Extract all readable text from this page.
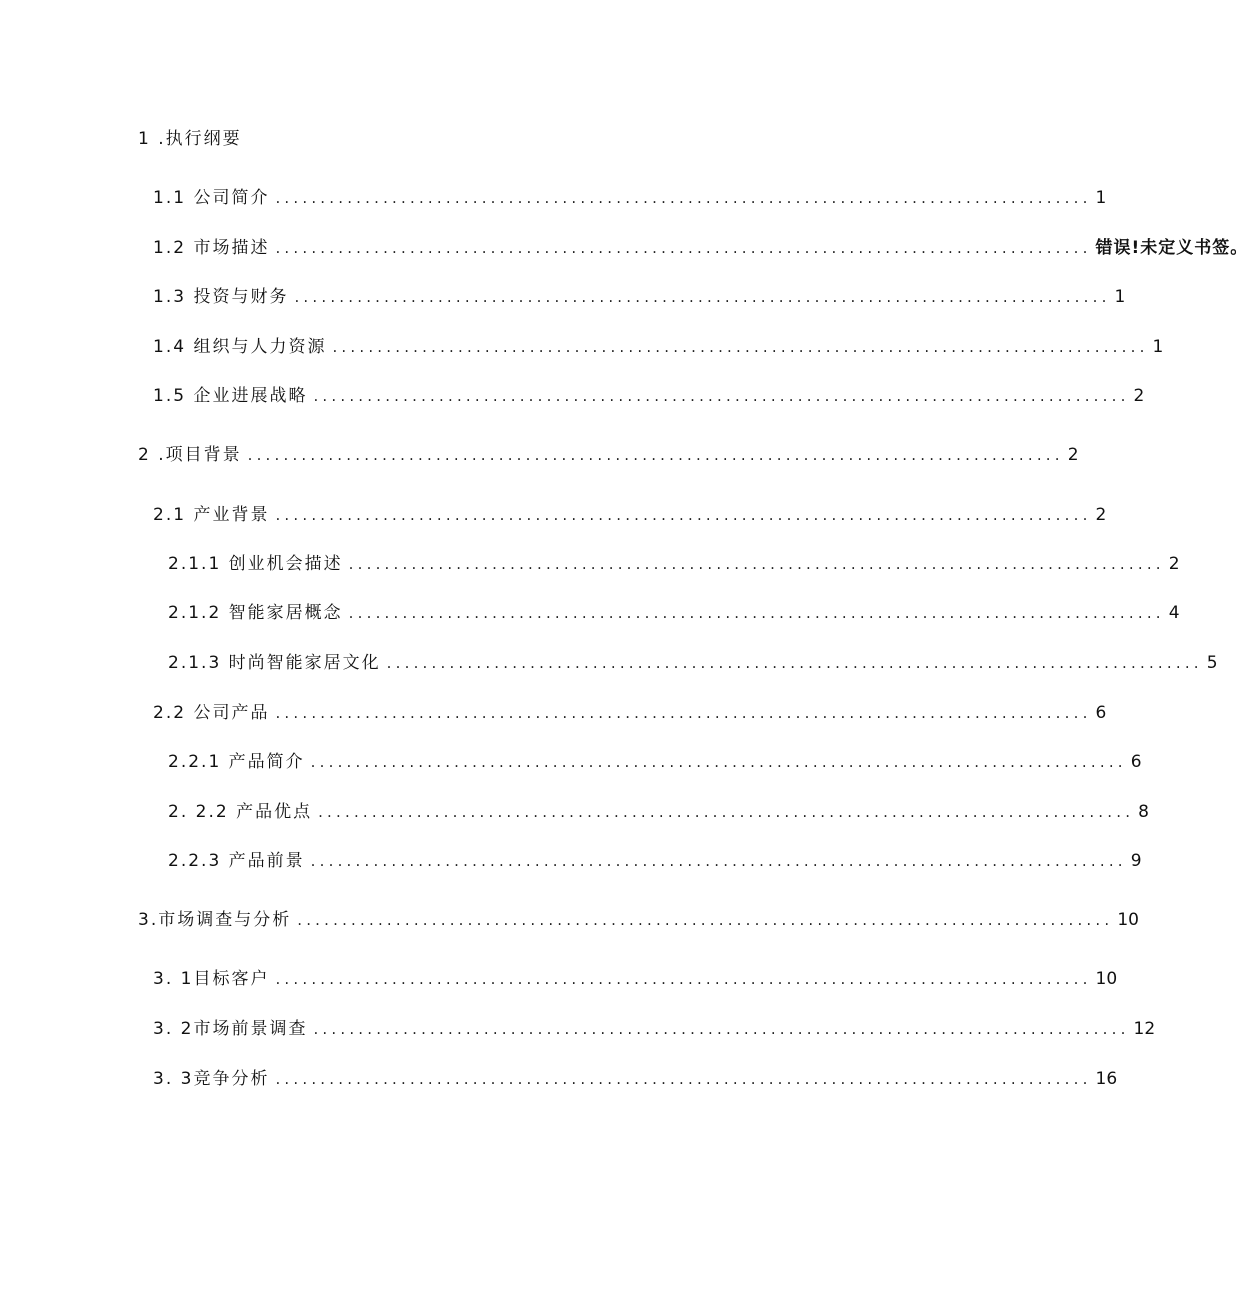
1 .执行纲要
1.1 公司简介 ........................................................................................... 1
1.2 市场描述 ........................................................................................... 错误!未定义书签。
1.3 投资与财务 ........................................................................................... 1
1.4 组织与人力资源 ........................................................................................... 1
1.5 企业进展战略 ........................................................................................... 2
2 .项目背景 ........................................................................................... 2
2.1 产业背景 ........................................................................................... 2
2.1.1 创业机会描述 ........................................................................................... 2
2.1.2 智能家居概念 ........................................................................................... 4
2.1.3 时尚智能家居文化 ........................................................................................... 5
2.2 公司产品 ........................................................................................... 6
2.2.1 产品简介 ........................................................................................... 6
2. 2.2 产品优点 ........................................................................................... 8
2.2.3 产品前景 ........................................................................................... 9
3.市场调查与分析 ........................................................................................... 10
3. 1目标客户 ........................................................................................... 10
3. 2市场前景调查 ........................................................................................... 12
3. 3竞争分析 ........................................................................................... 16
